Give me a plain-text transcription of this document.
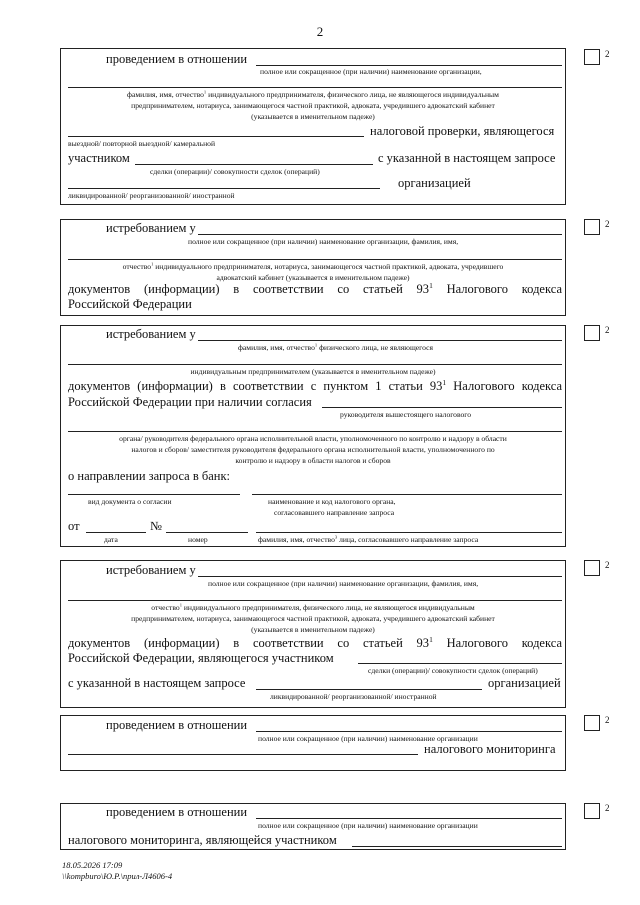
2
2
проведением в отношении
полное или сокращенное (при наличии) наименование организации,
фамилия, имя, отчество$^1$ индивидуального предпринимателя, физического лица, не являющегося индивидуальным
предпринимателем, нотариуса, занимающегося частной практикой, адвоката, учредившего адвокатский кабинет
(указывается в именительном падеже)
налоговой проверки, являющегося
выездной/ повторной выездной/ камеральной
участником	с указанной в настоящем запросе
сделки (операции)/ совокупности сделок (операций)
организацией
ликвидированной/ реорганизованной/ иностранной
2
истребованием у
полное или сокращенное (при наличии) наименование организации, фамилия, имя,
отчество$^1$ индивидуального предпринимателя, нотариуса, занимающегося частной практикой, адвоката, учредившего
адвокатский кабинет (указывается в именительном падеже)
документов (информации) в соответствии со статьей $93^1$ Налогового кодекса
Российской Федерации
2
истребованием у
фамилия, имя, отчество$^1$ физического лица, не являющегося
индивидуальным предпринимателем (указывается в именительном падеже)
документов (информации) в соответствии с пунктом 1 статьи $93^1$ Налогового кодекса
Российской Федерации при наличии согласия
руководителя вышестоящего налогового
органа/ руководителя федерального органа исполнительной власти, уполномоченного по контролю и надзору в области
налогов и сборов/ заместителя руководителя федерального органа исполнительной власти, уполномоченного по
контролю и надзору в области налогов и сборов
о направлении запроса в банк:
вид документа о согласии	наименование и код налогового органа,
согласовавшего направление запроса
от	№
дата	номер	фамилия, имя, отчество$^3$ лица, согласовавшего направление запроса
2
истребованием у
полное или сокращенное (при наличии) наименование организации, фамилия, имя,
отчество$^1$ индивидуального предпринимателя, физического лица, не являющегося индивидуальным
предпринимателем, нотариуса, занимающегося частной практикой, адвоката, учредившего адвокатский кабинет
(указывается в именительном падеже)
документов (информации) в соответствии со статьей $93^1$ Налогового кодекса
Российской Федерации, являющегося участником
сделки (операции)/ совокупности сделок (операций)
с указанной в настоящем запросе	организацией
ликвидированной/ реорганизованной/ иностранной
2
проведением в отношении
полное или сокращенное (при наличии) наименование организации
налогового мониторинга
2
проведением в отношении
полное или сокращенное (при наличии) наименование организации
налогового мониторинга, являющейся участником
18.05.2026 17:09
\\kompburo\Ю.Р.\прил-Л4606-4
